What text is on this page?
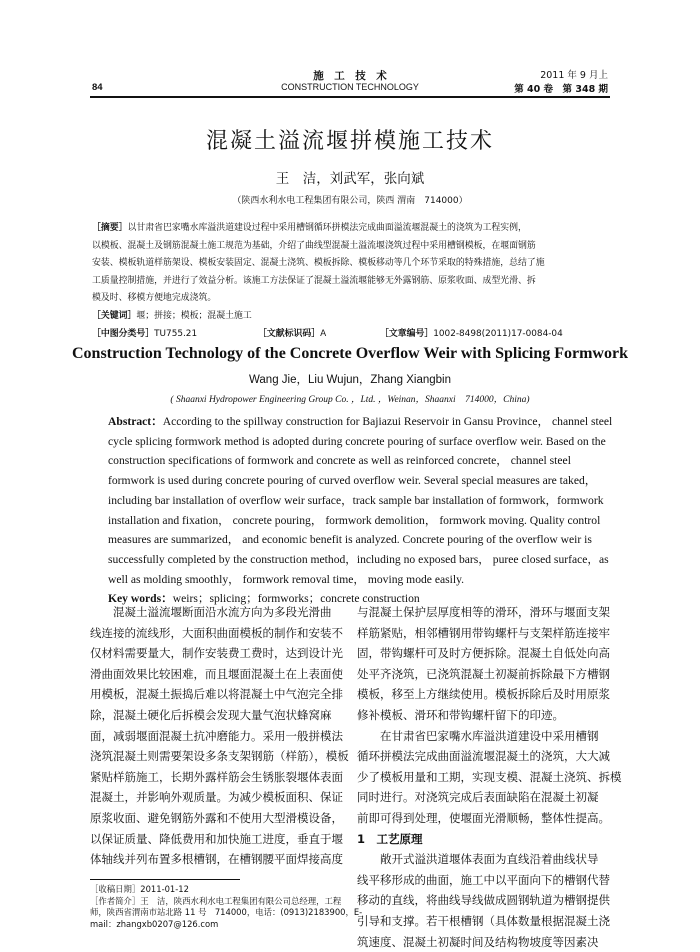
施　工　技　术
CONSTRUCTION TECHNOLOGY
84
2011 年 9 月上
第 40 卷　第 348 期
混凝土溢流堰拼模施工技术
王　洁，刘武军，张向斌
（陕西水利水电工程集团有限公司，陕西 渭南　714000）

［摘要］以甘肃省巴家嘴水库溢洪道建设过程中采用槽钢循环拼模法完成曲面溢流堰混凝土的浇筑为工程实例，

以模板、混凝土及钢筋混凝土施工规范为基础，介绍了曲线型混凝土溢流堰浇筑过程中采用槽钢模板，在堰面钢筋

安装、模板轨道样筋架设、模板安装固定、混凝土浇筑、模板拆除、模板移动等几个环节采取的特殊措施，总结了施

工质量控制措施，并进行了效益分析。该施工方法保证了混凝土溢流堰能够无外露钢筋、原浆收面、成型光滑、拆

模及时、移模方便地完成浇筑。

［关键词］堰；拼接；模板；混凝土施工

［中图分类号］TU755.21	［文献标识码］A	［文章编号］1002-8498(2011)17-0084-04

Construction Technology of the Concrete Overflow Weir with Splicing Formwork
Wang Jie，Liu Wujun，Zhang Xiangbin
( Shaanxi Hydropower Engineering Group Co. ，Ltd. ，Weinan，Shaanxi　714000，China)
Abstract：According to the spillway construction for Bajiazui Reservoir in Gansu Province， channel steel
cycle splicing formwork method is adopted during concrete pouring of surface overflow weir. Based on the
construction specifications of formwork and concrete as well as reinforced concrete， channel steel
formwork is used during concrete pouring of curved overflow weir. Several special measures are taked，
including bar installation of overflow weir surface，track sample bar installation of formwork，formwork
installation and fixation， concrete pouring， formwork demolition， formwork moving. Quality control
measures are summarized， and economic benefit is analyzed. Concrete pouring of the overflow weir is
successfully completed by the construction method，including no exposed bars， puree closed surface，as
well as molding smoothly， formwork removal time， moving mode easily.
Key words：weirs；splicing；formworks；concrete construction

混凝土溢流堰断面沿水流方向为多段光滑曲

线连接的流线形，大面积曲面模板的制作和安装不

仅材料需要量大，制作安装费工费时，达到设计光

滑曲面效果比较困难，而且堰面混凝土在上表面使

用模板，混凝土振捣后难以将混凝土中气泡完全排

除，混凝土硬化后拆模会发现大量气泡状蜂窝麻

面，减弱堰面混凝土抗冲磨能力。采用一般拼模法

浇筑混凝土则需要架设多条支架钢筋（样筋），模板

紧贴样筋施工，长期外露样筋会生锈胀裂堰体表面

混凝土，并影响外观质量。为减少模板面积、保证

原浆收面、避免钢筋外露和不使用大型滑模设备，

以保证质量、降低费用和加快施工进度，垂直于堰

体轴线并列布置多根槽钢，在槽钢腰平面焊接高度

［收稿日期］2011-01-12
［作者简介］王　洁，陕西水利水电工程集团有限公司总经理，工程
师，陕西省渭南市站北路 11 号　714000，电话：(0913)2183900，E-
mail：zhangxb0207@126.com

与混凝土保护层厚度相等的滑环，滑环与堰面支架

样筋紧贴，相邻槽钢用带钩螺杆与支架样筋连接牢

固，带钩螺杆可及时方便拆除。混凝土自低处向高

处平齐浇筑，已浇筑混凝土初凝前拆除最下方槽钢

模板，移至上方继续使用。模板拆除后及时用原浆

修补模板、滑环和带钩螺杆留下的印迹。

在甘肃省巴家嘴水库溢洪道建设中采用槽钢

循环拼模法完成曲面溢流堰混凝土的浇筑，大大减

少了模板用量和工期，实现支模、混凝土浇筑、拆模

同时进行。对浇筑完成后表面缺陷在混凝土初凝

前即可得到处理，使堰面光滑顺畅，整体性提高。

1　工艺原理

敞开式溢洪道堰体表面为直线沿着曲线状导

线平移形成的曲面，施工中以平面向下的槽钢代替

移动的直线，将曲线导线做成圆钢轨道为槽钢提供

引导和支撑。若干根槽钢（具体数量根据混凝土浇

筑速度、混凝土初凝时间及结构物坡度等因素决
